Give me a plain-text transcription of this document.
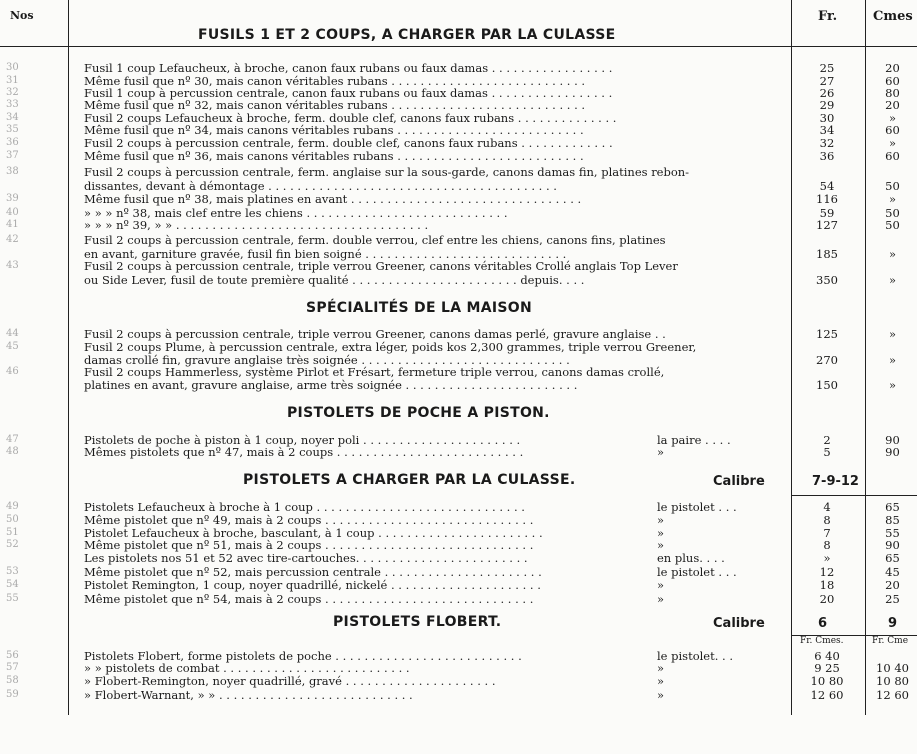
Nos	Fr.	Cmes
FUSILS 1 ET 2 COUPS, A CHARGER PAR LA CULASSE
SPÉCIALITÉS DE LA MAISON
PISTOLETS DE POCHE A PISTON.
PISTOLETS A CHARGER PAR LA CULASSE.	Calibre	7-9-12
PISTOLETS FLOBERT.	Calibre	6	9
Fr. Cmes.	Fr. Cme
30	Fusil 1 coup Lefaucheux, à broche, canon faux rubans ou faux damas . . . . . . . . . . . . . . . . .	25	20
31	Même fusil que nº 30, mais canon véritables rubans . . . . . . . . . . . . . . . . . . . . . . . . . . .	27	60
32	Fusil 1 coup à percussion centrale, canon faux rubans ou faux damas . . . . . . . . . . . . . . . . .	26	80
33	Même fusil que nº 32, mais canon véritables rubans . . . . . . . . . . . . . . . . . . . . . . . . . . .	29	20
34	Fusil 2 coups Lefaucheux à broche, ferm. double clef, canons faux rubans . . . . . . . . . . . . . .	30	»
35	Même fusil que nº 34, mais canons véritables rubans . . . . . . . . . . . . . . . . . . . . . . . . . .	34	60
36	Fusil 2 coups à percussion centrale, ferm. double clef, canons faux rubans . . . . . . . . . . . . .	32	»
37	Même fusil que nº 36, mais canons véritables rubans . . . . . . . . . . . . . . . . . . . . . . . . . .	36	60
38	Fusil 2 coups à percussion centrale, ferm. anglaise sur la sous-garde, canons damas fin, platines rebon-
dissantes, devant à démontage . . . . . . . . . . . . . . . . . . . . . . . . . . . . . . . . . . . . . . . .	54	50
39	Même fusil que nº 38, mais platines en avant . . . . . . . . . . . . . . . . . . . . . . . . . . . . . . . .	116	»
40	» » » nº 38, mais clef entre les chiens . . . . . . . . . . . . . . . . . . . . . . . . . . . .	59	50
41	» » » nº 39, » » . . . . . . . . . . . . . . . . . . . . . . . . . . . . . . . . . . .	127	50
42	Fusil 2 coups à percussion centrale, ferm. double verrou, clef entre les chiens, canons fins, platines
en avant, garniture gravée, fusil fin bien soigné . . . . . . . . . . . . . . . . . . . . . . . . . . . .	185	»
43	Fusil 2 coups à percussion centrale, triple verrou Greener, canons véritables Crollé anglais Top Lever
ou Side Lever, fusil de toute première qualité . . . . . . . . . . . . . . . . . . . . . . . depuis. . . .	350	»
44	Fusil 2 coups à percussion centrale, triple verrou Greener, canons damas perlé, gravure anglaise . .	125	»
45	Fusil 2 coups Plume, à percussion centrale, extra léger, poids kos 2,300 grammes, triple verrou Greener,
damas crollé fin, gravure anglaise très soignée . . . . . . . . . . . . . . . . . . . . . . . . . . . . .	270	»
46	Fusil 2 coups Hammerless, système Pirlot et Frésart, fermeture triple verrou, canons damas crollé,
platines en avant, gravure anglaise, arme très soignée . . . . . . . . . . . . . . . . . . . . . . . .	150	»
47	Pistolets de poche à piston à 1 coup, noyer poli . . . . . . . . . . . . . . . . . . . . . .	la paire . . . .	2	90
48	Mêmes pistolets que nº 47, mais à 2 coups . . . . . . . . . . . . . . . . . . . . . . . . . .	»	5	90
49	Pistolets Lefaucheux à broche à 1 coup . . . . . . . . . . . . . . . . . . . . . . . . . . . . .	le pistolet . . .	4	65
50	Même pistolet que nº 49, mais à 2 coups . . . . . . . . . . . . . . . . . . . . . . . . . . . . .	»	8	85
51	Pistolet Lefaucheux à broche, basculant, à 1 coup . . . . . . . . . . . . . . . . . . . . . . .	»	7	55
52	Même pistolet que nº 51, mais à 2 coups . . . . . . . . . . . . . . . . . . . . . . . . . . . . .	»	8	90
Les pistolets nos 51 et 52 avec tire-cartouches. . . . . . . . . . . . . . . . . . . . . . . .	en plus. . . .	»	65
53	Même pistolet que nº 52, mais percussion centrale . . . . . . . . . . . . . . . . . . . . . .	le pistolet . . .	12	45
54	Pistolet Remington, 1 coup, noyer quadrillé, nickelé . . . . . . . . . . . . . . . . . . . . .	»	18	20
55	Même pistolet que nº 54, mais à 2 coups . . . . . . . . . . . . . . . . . . . . . . . . . . . . .	»	20	25
56	Pistolets Flobert, forme pistolets de poche . . . . . . . . . . . . . . . . . . . . . . . . . .	le pistolet. . .	6 40
57	» » pistolets de combat . . . . . . . . . . . . . . . . . . . . . . . . . .	»	9 25	10 40
58	» Flobert-Remington, noyer quadrillé, gravé . . . . . . . . . . . . . . . . . . . . .	»	10 80	10 80
59	» Flobert-Warnant, » » . . . . . . . . . . . . . . . . . . . . . . . . . . .	»	12 60	12 60
